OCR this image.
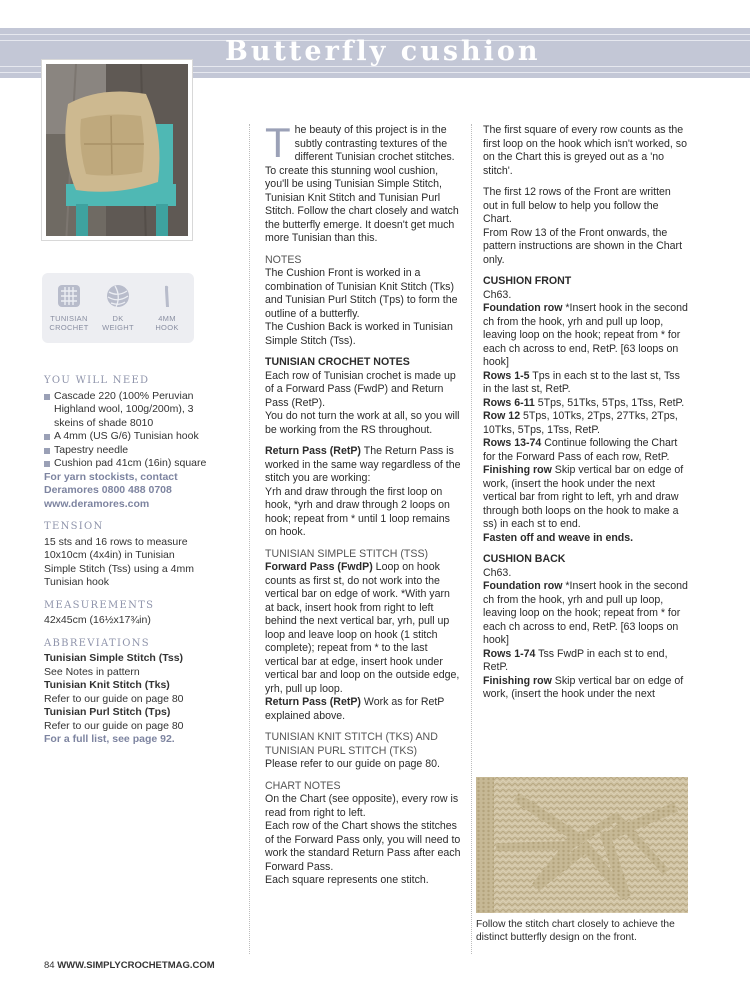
Butterfly cushion
TUNISIAN
CROCHET
DK
WEIGHT
4MM
HOOK
YOU WILL NEED
Cascade 220 (100% Peruvian Highland wool, 100g/200m), 3 skeins of shade 8010
A 4mm (US G/6) Tunisian hook
Tapestry needle
Cushion pad 41cm (16in) square
For yarn stockists, contact Deramores 0800 488 0708
www.deramores.com
TENSION
15 sts and 16 rows to measure 10x10cm (4x4in) in Tunisian Simple Stitch (Tss) using a 4mm Tunisian hook
MEASUREMENTS
42x45cm (16½x17¾in)
ABBREVIATIONS
Tunisian Simple Stitch (Tss)
See Notes in pattern
Tunisian Knit Stitch (Tks)
Refer to our guide on page 80
Tunisian Purl Stitch (Tps)
Refer to our guide on page 80
For a full list, see page 92.

The beauty of this project is in the subtly contrasting textures of the different Tunisian crochet stitches. To create this stunning wool cushion, you'll be using Tunisian Simple Stitch, Tunisian Knit Stitch and Tunisian Purl Stitch. Follow the chart closely and watch the butterfly emerge. It doesn't get much more Tunisian than this.

NOTES

The Cushion Front is worked in a combination of Tunisian Knit Stitch (Tks) and Tunisian Purl Stitch (Tps) to form the outline of a butterfly.

The Cushion Back is worked in Tunisian Simple Stitch (Tss).

TUNISIAN CROCHET NOTES

Each row of Tunisian crochet is made up of a Forward Pass (FwdP) and Return Pass (RetP).

You do not turn the work at all, so you will be working from the RS throughout.

Return Pass (RetP) The Return Pass is worked in the same way regardless of the stitch you are working:

Yrh and draw through the first loop on hook, *yrh and draw through 2 loops on hook; repeat from * until 1 loop remains on hook.

TUNISIAN SIMPLE STITCH (TSS)

Forward Pass (FwdP) Loop on hook counts as first st, do not work into the vertical bar on edge of work. *With yarn at back, insert hook from right to left behind the next vertical bar, yrh, pull up loop and leave loop on hook (1 stitch complete); repeat from * to the last vertical bar at edge, insert hook under vertical bar and loop on the outside edge, yrh, pull up loop.

Return Pass (RetP) Work as for RetP explained above.

TUNISIAN KNIT STITCH (TKS) AND TUNISIAN PURL STITCH (TKS)

Please refer to our guide on page 80.

CHART NOTES

On the Chart (see opposite), every row is read from right to left.

Each row of the Chart shows the stitches of the Forward Pass only, you will need to work the standard Return Pass after each Forward Pass.

Each square represents one stitch.

The first square of every row counts as the first loop on the hook which isn't worked, so on the Chart this is greyed out as a 'no stitch'.

The first 12 rows of the Front are written out in full below to help you follow the Chart.

From Row 13 of the Front onwards, the pattern instructions are shown in the Chart only.

CUSHION FRONT

Ch63.

Foundation row *Insert hook in the second ch from the hook, yrh and pull up loop, leaving loop on the hook; repeat from * for each ch across to end, RetP. [63 loops on hook]

Rows 1-5 Tps in each st to the last st, Tss in the last st, RetP.

Rows 6-11 5Tps, 51Tks, 5Tps, 1Tss, RetP.

Row 12 5Tps, 10Tks, 2Tps, 27Tks, 2Tps, 10Tks, 5Tps, 1Tss, RetP.

Rows 13-74 Continue following the Chart for the Forward Pass of each row, RetP.

Finishing row Skip vertical bar on edge of work, (insert the hook under the next vertical bar from right to left, yrh and draw through both loops on the hook to make a ss) in each st to end.

Fasten off and weave in ends.

CUSHION BACK

Ch63.

Foundation row *Insert hook in the second ch from the hook, yrh and pull up loop, leaving loop on the hook; repeat from * for each ch across to end, RetP. [63 loops on hook]

Rows 1-74 Tss FwdP in each st to end, RetP.

Finishing row Skip vertical bar on edge of work, (insert the hook under the next

Follow the stitch chart closely to achieve the distinct butterfly design on the front.
84 WWW.SIMPLYCROCHETMAG.COM
